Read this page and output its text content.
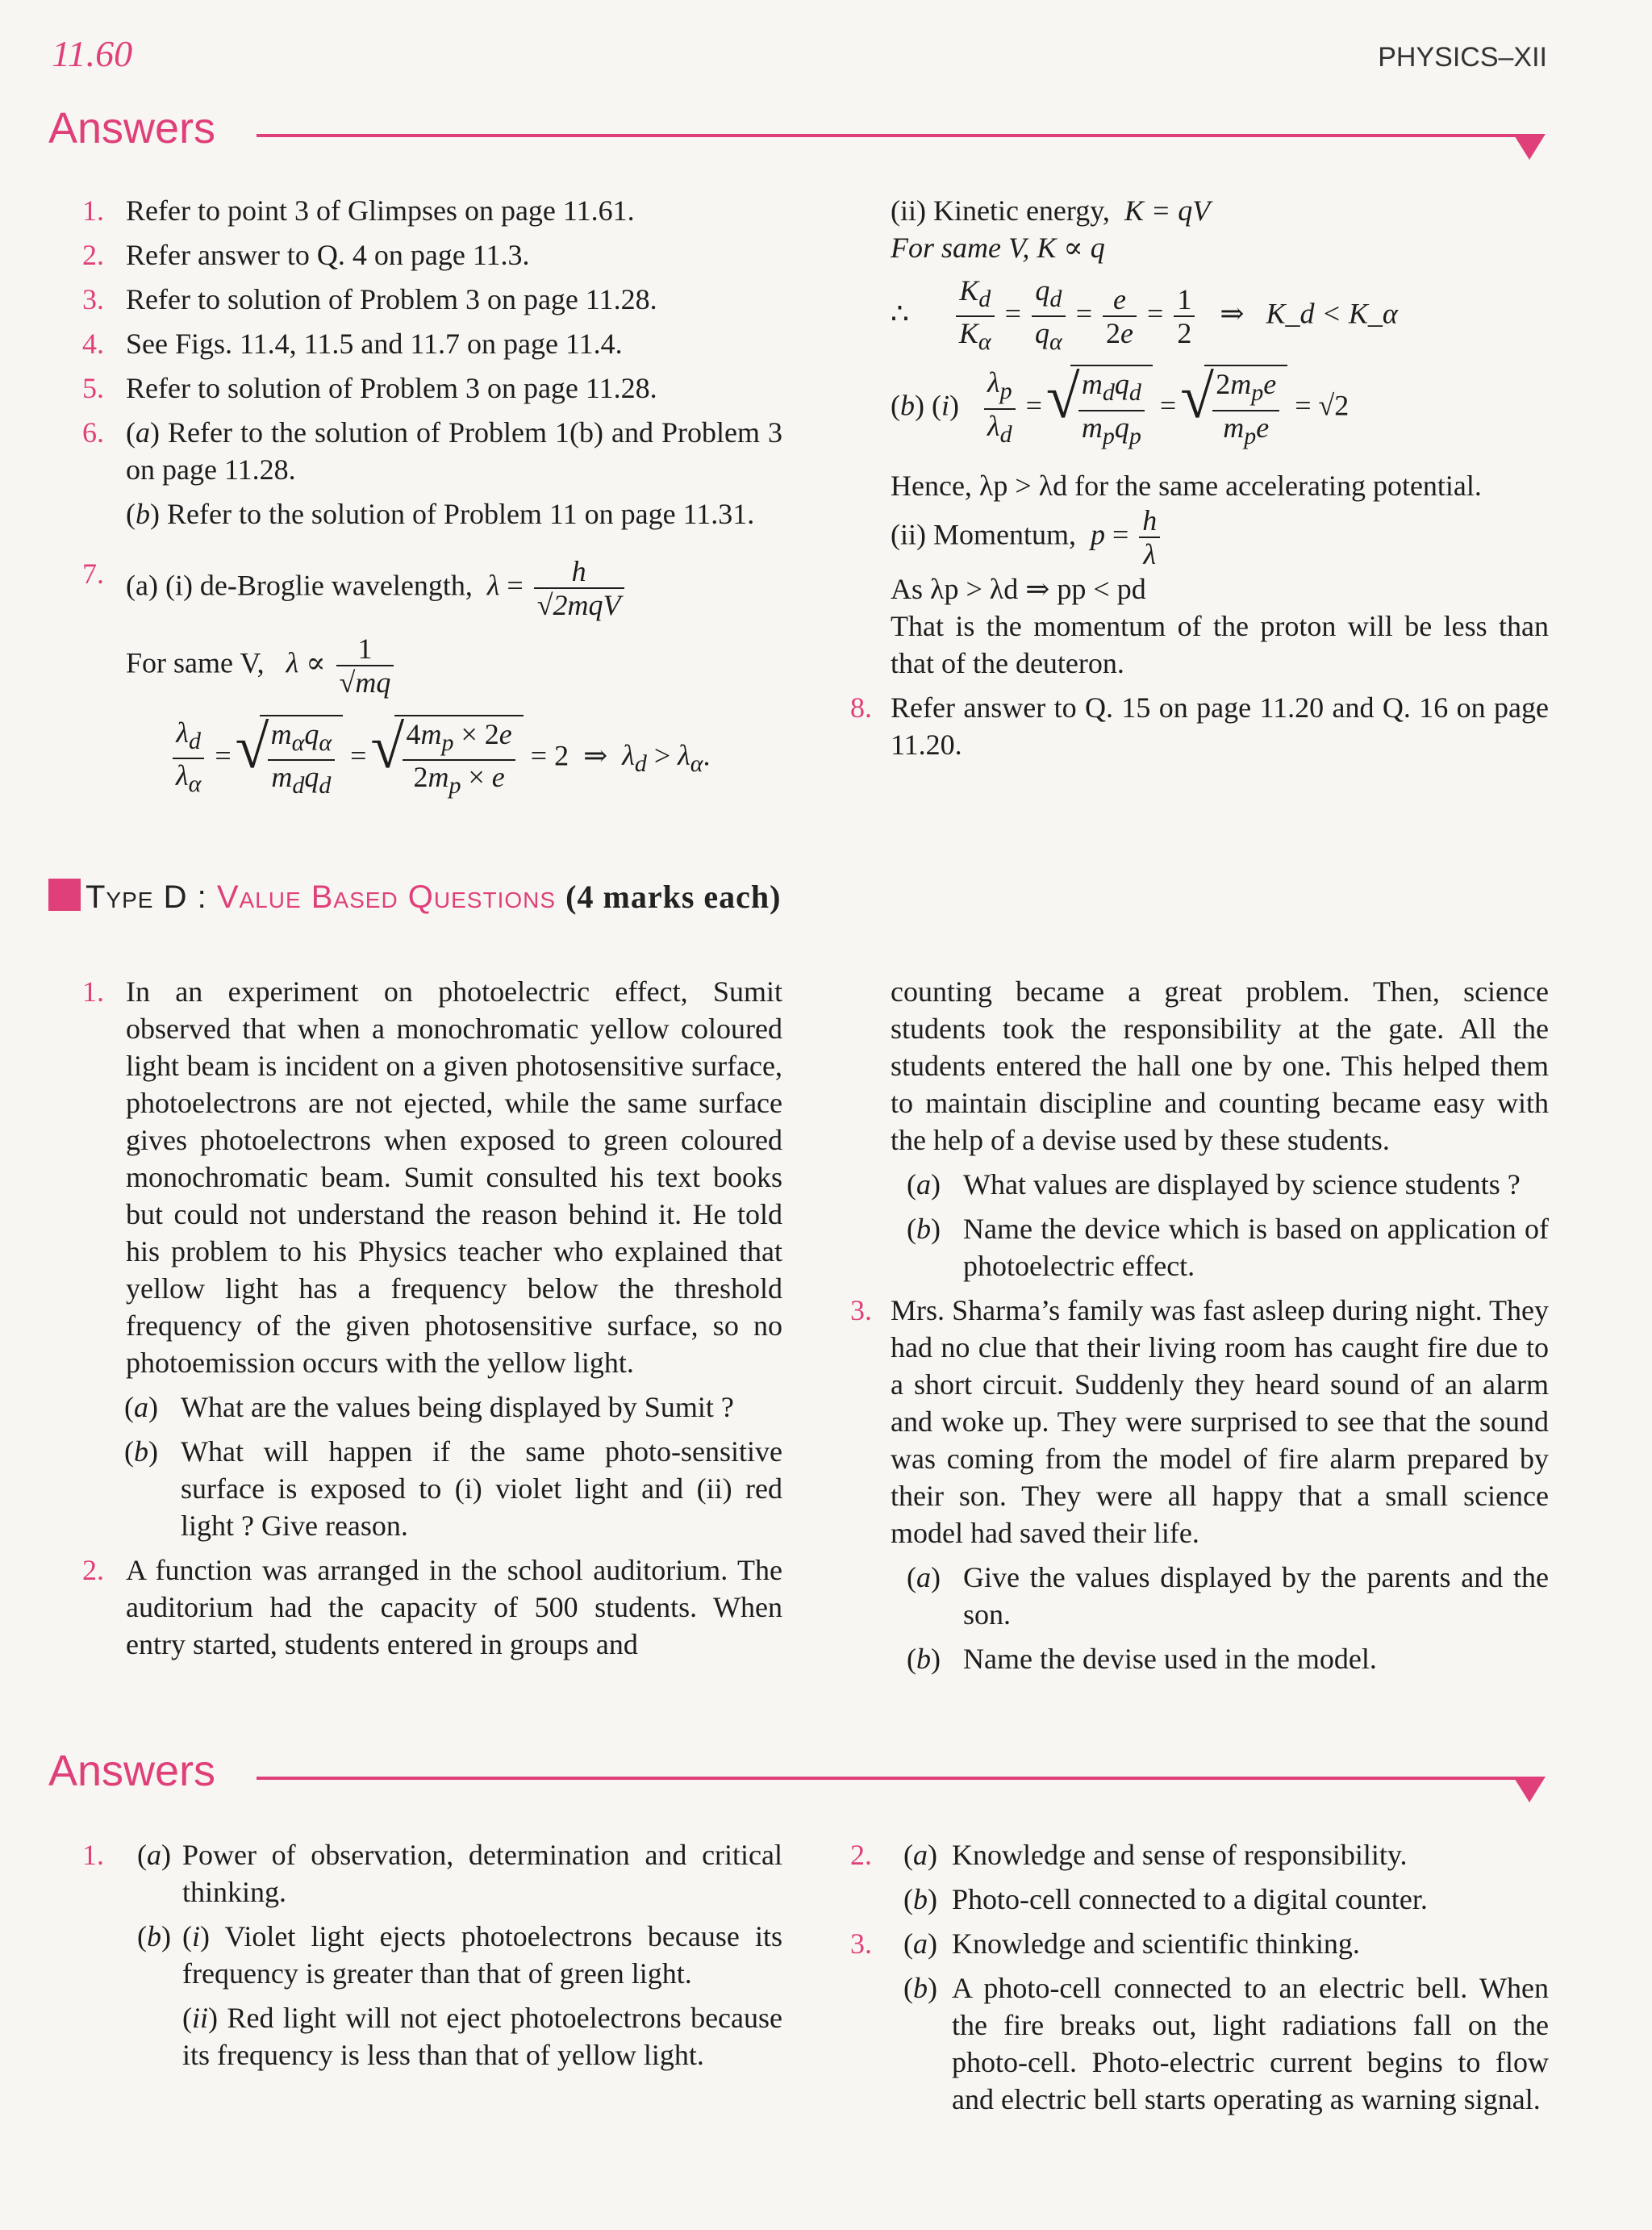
11.60	PHYSICS–XII
Answers
1. Refer to point 3 of Glimpses on page 11.61.
2. Refer answer to Q. 4 on page 11.3.
3. Refer to solution of Problem 3 on page 11.28.
4. See Figs. 11.4, 11.5 and 11.7 on page 11.4.
5. Refer to solution of Problem 3 on page 11.28.
6. (a) Refer to the solution of Problem 1(b) and Problem 3 on page 11.28.
(b) Refer to the solution of Problem 11 on page 11.31.
7. (a) (i) de-Broglie wavelength, $\lambda = \frac{h}{\text{√2mqV}}$
For same V, $\lambda \propto \frac{1}{√mq}$
$\frac{\lambda_d}{\lambda_\alpha}$ = √ $\frac{m_\alpha q_\alpha}{m_dq_d}$ = √ $\frac{4m_p \times 2e}{2m_p \times e} = 2$  ⇒  $\lambda_d > \lambda_\alpha$.
(ii) Kinetic energy, K = qV
For same V, K ∝ q
∴ $\frac{K_d}{K_\alpha} = \frac{q_d}{q_\alpha} = \frac{e}{2e} = \frac{1}{2}$ ⇒   K_d < K_α
(b) $(i) \frac{\lambda_p}{\lambda_d}$ = √ $\frac{m_dq_d}{m_pq_p}$ = √ $\frac{2m_pe}{m_pe} = √2$
Hence, λp > λd for the same accelerating potential.
(ii) Momentum, $p = \frac{h}{\lambda}$
As λp > λd ⇒ pp < pd
That is the momentum of the proton will be less than that of the deuteron.
8. Refer answer to Q. 15 on page 11.20 and Q. 16 on page 11.20.
Type D : Value Based Questions (4 marks each)
1. In an experiment on photoelectric effect, Sumit observed that when a monochromatic yellow coloured light beam is incident on a given photosensitive surface, photoelectrons are not ejected, while the same surface gives photoelectrons when exposed to green coloured monochromatic beam. Sumit consulted his text books but could not understand the reason behind it. He told his problem to his Physics teacher who explained that yellow light has a frequency below the threshold frequency of the given photosensitive surface, so no photoemission occurs with the yellow light.
(a) What are the values being displayed by Sumit ?
(b) What will happen if the same photo-sensitive surface is exposed to (i) violet light and (ii) red light ? Give reason.
2. A function was arranged in the school auditorium. The auditorium had the capacity of 500 students. When entry started, students entered in groups and
counting became a great problem. Then, science students took the responsibility at the gate. All the students entered the hall one by one. This helped them to maintain discipline and counting became easy with the help of a devise used by these students.
(a) What values are displayed by science students ?
(b) Name the device which is based on application of photoelectric effect.
3. Mrs. Sharma’s family was fast asleep during night. They had no clue that their living room has caught fire due to a short circuit. Suddenly they heard sound of an alarm and woke up. They were surprised to see that the sound was coming from the model of fire alarm prepared by their son. They were all happy that a small science model had saved their life.
(a) Give the values displayed by the parents and the son.
(b) Name the devise used in the model.
Answers
1. (a) Power of observation, determination and critical thinking.
(b) (i) Violet light ejects photoelectrons because its frequency is greater than that of green light.
(ii) Red light will not eject photoelectrons because its frequency is less than that of yellow light.
2. (a) Knowledge and sense of responsibility.
(b) Photo-cell connected to a digital counter.
3. (a) Knowledge and scientific thinking.
(b) A photo-cell connected to an electric bell. When the fire breaks out, light radiations fall on the photo-cell. Photo-electric current begins to flow and electric bell starts operating as warning signal.
